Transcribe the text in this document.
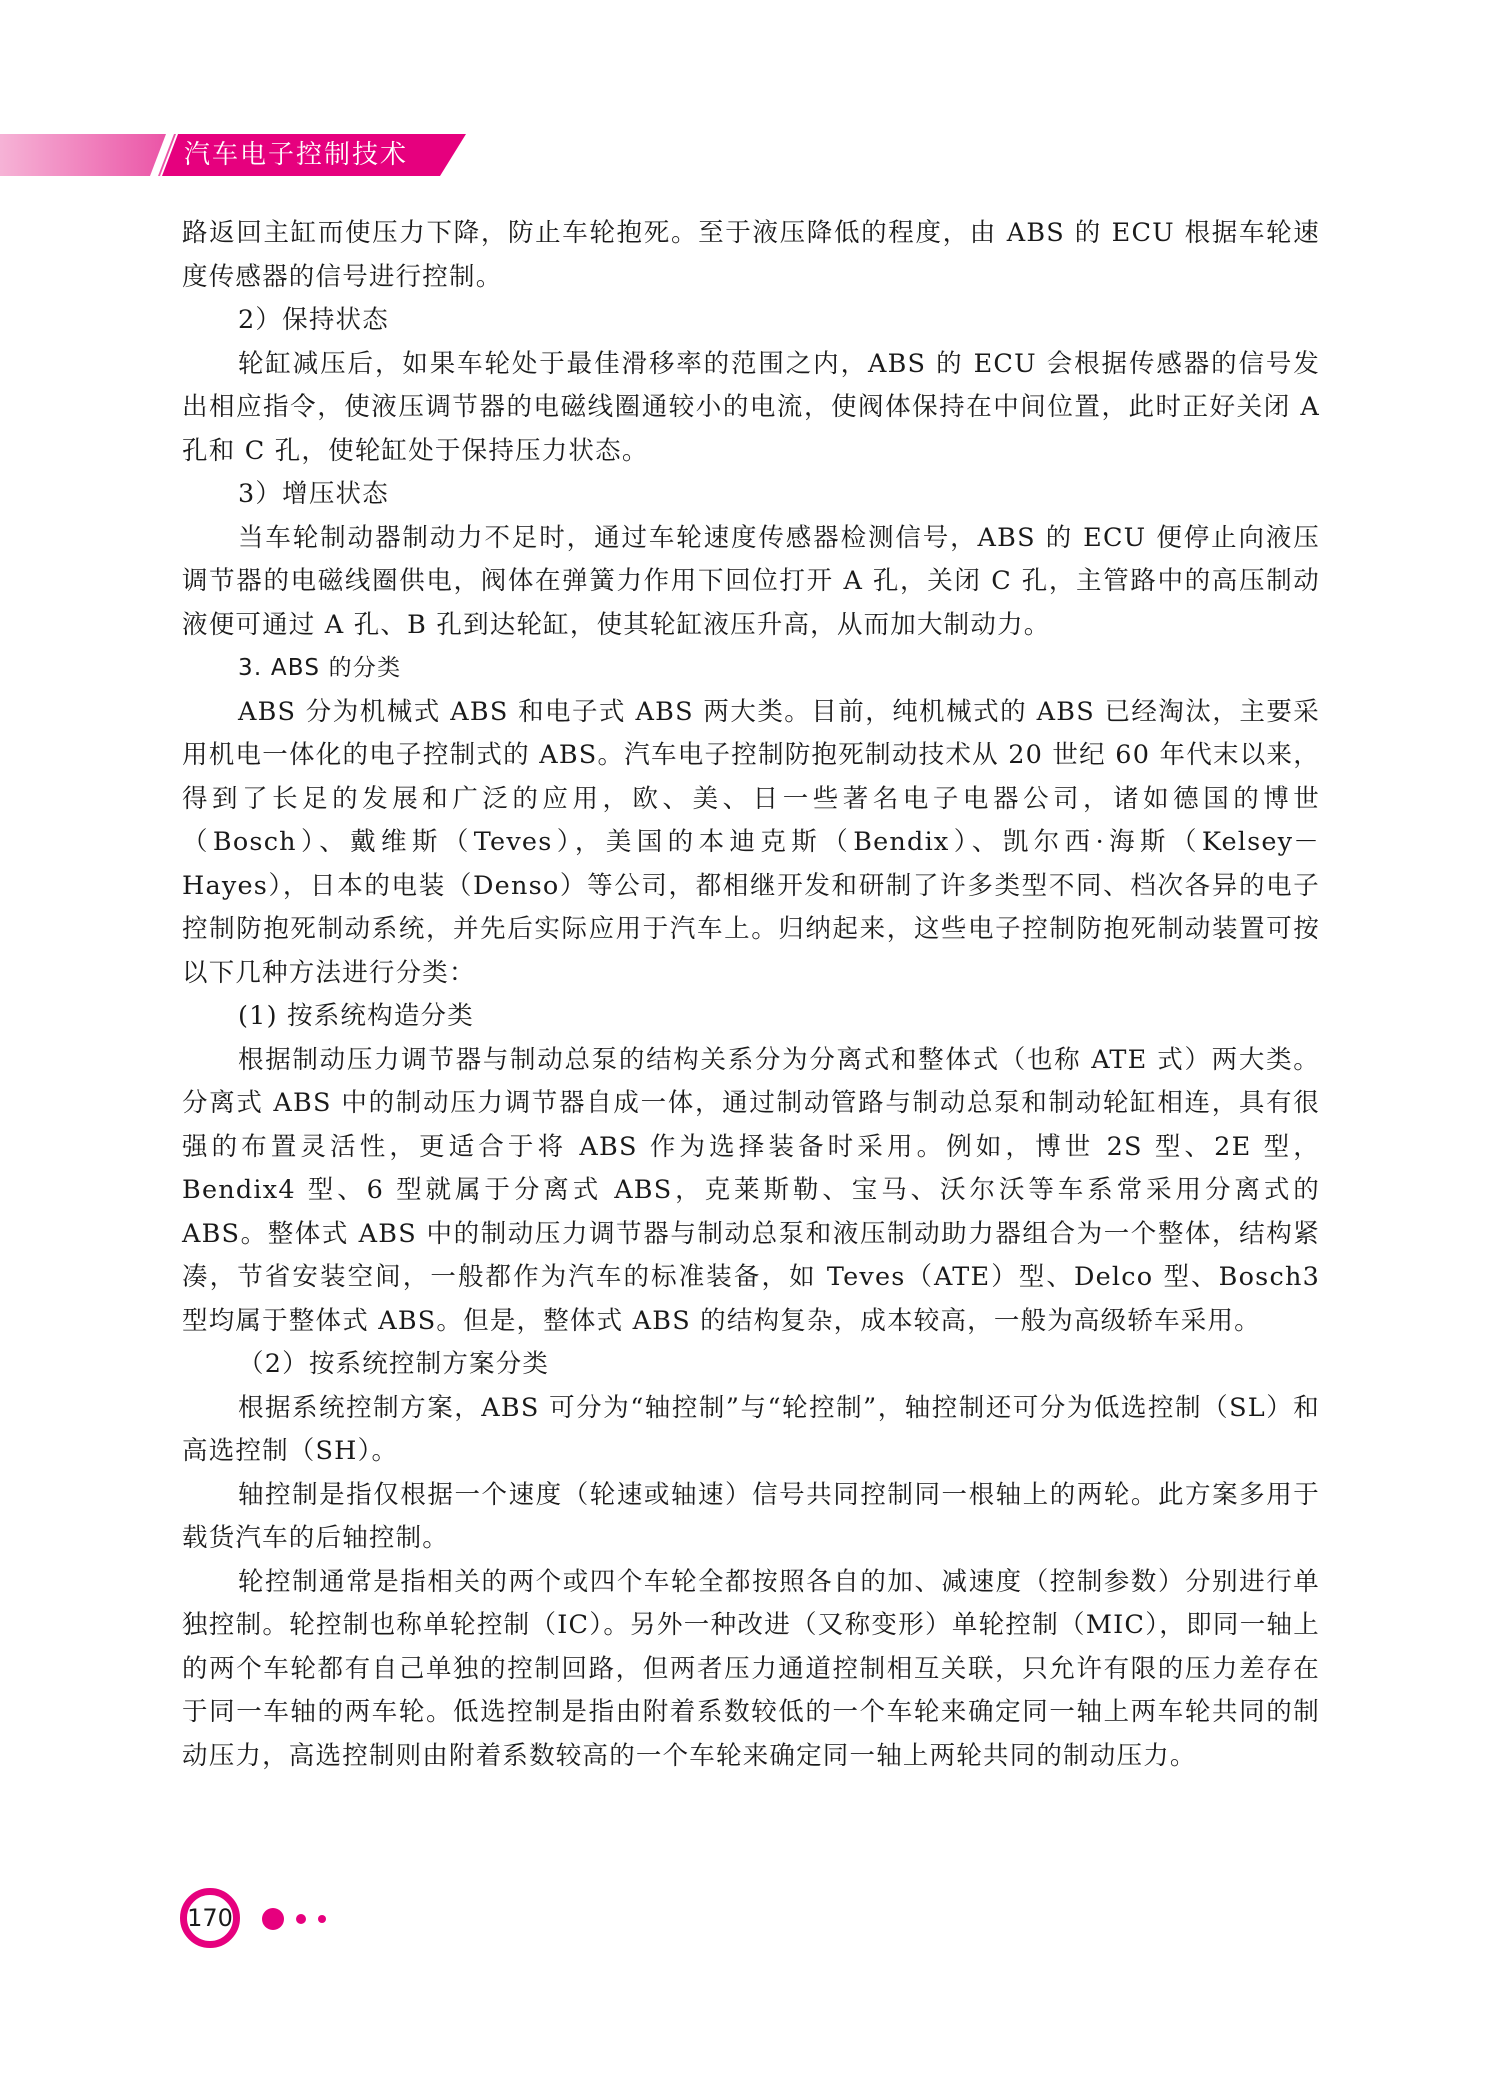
汽车电子控制技术

路返回主缸而使压力下降，防止车轮抱死。至于液压降低的程度，由 ABS 的 ECU 根据车轮速度传感器的信号进行控制。

2）保持状态

轮缸减压后，如果车轮处于最佳滑移率的范围之内，ABS 的 ECU 会根据传感器的信号发出相应指令，使液压调节器的电磁线圈通较小的电流，使阀体保持在中间位置，此时正好关闭 A 孔和 C 孔，使轮缸处于保持压力状态。

3）增压状态

当车轮制动器制动力不足时，通过车轮速度传感器检测信号，ABS 的 ECU 便停止向液压调节器的电磁线圈供电，阀体在弹簧力作用下回位打开 A 孔，关闭 C 孔，主管路中的高压制动液便可通过 A 孔、B 孔到达轮缸，使其轮缸液压升高，从而加大制动力。

3. ABS 的分类

ABS 分为机械式 ABS 和电子式 ABS 两大类。目前，纯机械式的 ABS 已经淘汰，主要采用机电一体化的电子控制式的 ABS。汽车电子控制防抱死制动技术从 20 世纪 60 年代末以来，得到了长足的发展和广泛的应用，欧、美、日一些著名电子电器公司，诸如德国的博世（Bosch）、戴维斯（Teves），美国的本迪克斯（Bendix）、凯尔西·海斯（Kelsey－Hayes），日本的电装（Denso）等公司，都相继开发和研制了许多类型不同、档次各异的电子控制防抱死制动系统，并先后实际应用于汽车上。归纳起来，这些电子控制防抱死制动装置可按以下几种方法进行分类：

(1) 按系统构造分类

根据制动压力调节器与制动总泵的结构关系分为分离式和整体式（也称 ATE 式）两大类。分离式 ABS 中的制动压力调节器自成一体，通过制动管路与制动总泵和制动轮缸相连，具有很强的布置灵活性，更适合于将 ABS 作为选择装备时采用。例如，博世 2S 型、2E 型，Bendix4 型、6 型就属于分离式 ABS，克莱斯勒、宝马、沃尔沃等车系常采用分离式的 ABS。整体式 ABS 中的制动压力调节器与制动总泵和液压制动助力器组合为一个整体，结构紧凑，节省安装空间，一般都作为汽车的标准装备，如 Teves（ATE）型、Delco 型、Bosch3 型均属于整体式 ABS。但是，整体式 ABS 的结构复杂，成本较高，一般为高级轿车采用。

（2）按系统控制方案分类

根据系统控制方案，ABS 可分为“轴控制”与“轮控制”，轴控制还可分为低选控制（SL）和高选控制（SH）。

轴控制是指仅根据一个速度（轮速或轴速）信号共同控制同一根轴上的两轮。此方案多用于载货汽车的后轴控制。

轮控制通常是指相关的两个或四个车轮全都按照各自的加、减速度（控制参数）分别进行单独控制。轮控制也称单轮控制（IC）。另外一种改进（又称变形）单轮控制（MIC），即同一轴上的两个车轮都有自己单独的控制回路，但两者压力通道控制相互关联，只允许有限的压力差存在于同一车轴的两车轮。低选控制是指由附着系数较低的一个车轮来确定同一轴上两车轮共同的制动压力，高选控制则由附着系数较高的一个车轮来确定同一轴上两轮共同的制动压力。

170
